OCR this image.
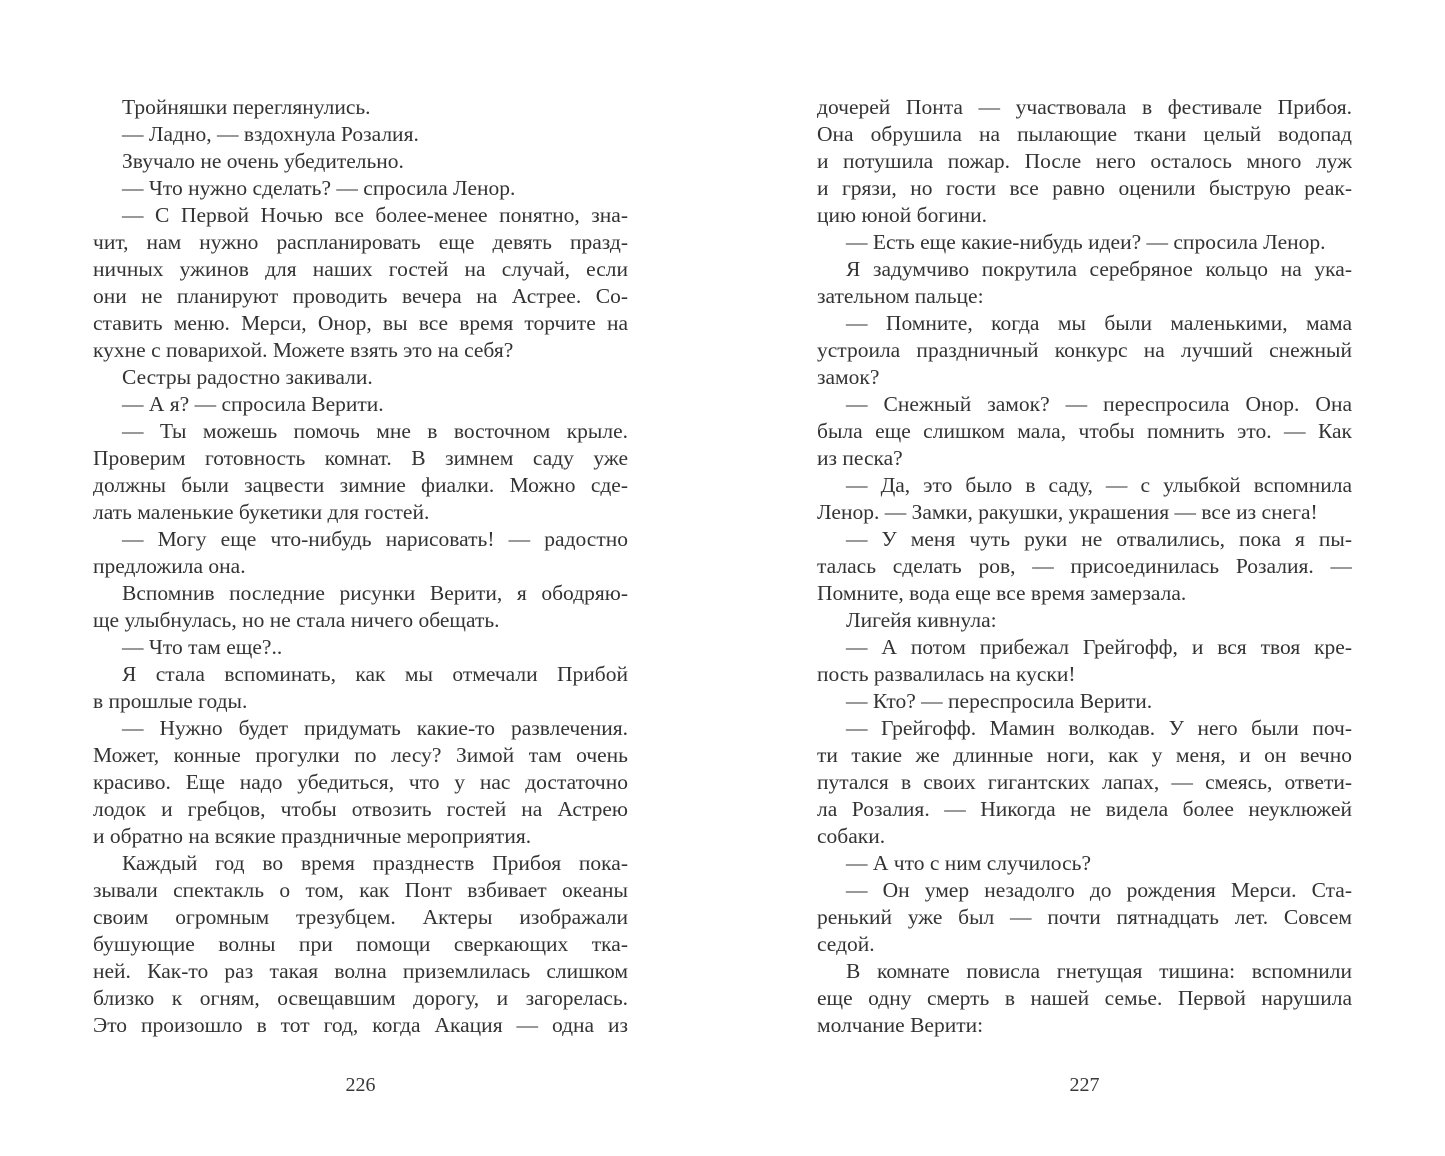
Тройняшки переглянулись.
— Ладно, — вздохнула Розалия.
Звучало не очень убедительно.
— Что нужно сделать? — спросила Ленор.
— С Первой Ночью все более-менее понятно, зна-
чит, нам нужно распланировать еще девять празд-
ничных ужинов для наших гостей на случай, если
они не планируют проводить вечера на Астрее. Со-
ставить меню. Мерси, Онор, вы все время торчите на
кухне с поварихой. Можете взять это на себя?
Сестры радостно закивали.
— А я? — спросила Верити.
— Ты можешь помочь мне в восточном крыле.
Проверим готовность комнат. В зимнем саду уже
должны были зацвести зимние фиалки. Можно сде-
лать маленькие букетики для гостей.
— Могу еще что-нибудь нарисовать! — радостно
предложила она.
Вспомнив последние рисунки Верити, я ободряю-
ще улыбнулась, но не стала ничего обещать.
— Что там еще?..
Я стала вспоминать, как мы отмечали Прибой
в прошлые годы.
— Нужно будет придумать какие-то развлечения.
Может, конные прогулки по лесу? Зимой там очень
красиво. Еще надо убедиться, что у нас достаточно
лодок и гребцов, чтобы отвозить гостей на Астрею
и обратно на всякие праздничные мероприятия.
Каждый год во время празднеств Прибоя пока-
зывали спектакль о том, как Понт взбивает океаны
своим огромным трезубцем. Актеры изображали
бушующие волны при помощи сверкающих тка-
ней. Как-то раз такая волна приземлилась слишком
близко к огням, освещавшим дорогу, и загорелась.
Это произошло в тот год, когда Акация — одна из
226
дочерей Понта — участвовала в фестивале Прибоя.
Она обрушила на пылающие ткани целый водопад
и потушила пожар. После него осталось много луж
и грязи, но гости все равно оценили быструю реак-
цию юной богини.
— Есть еще какие-нибудь идеи? — спросила Ленор.
Я задумчиво покрутила серебряное кольцо на ука-
зательном пальце:
— Помните, когда мы были маленькими, мама
устроила праздничный конкурс на лучший снежный
замок?
— Снежный замок? — переспросила Онор. Она
была еще слишком мала, чтобы помнить это. — Как
из песка?
— Да, это было в саду, — с улыбкой вспомнила
Ленор. — Замки, ракушки, украшения — все из снега!
— У меня чуть руки не отвалились, пока я пы-
талась сделать ров, — присоединилась Розалия. —
Помните, вода еще все время замерзала.
Лигейя кивнула:
— А потом прибежал Грейгофф, и вся твоя кре-
пость развалилась на куски!
— Кто? — переспросила Верити.
— Грейгофф. Мамин волкодав. У него были поч-
ти такие же длинные ноги, как у меня, и он вечно
путался в своих гигантских лапах, — смеясь, ответи-
ла Розалия. — Никогда не видела более неуклюжей
собаки.
— А что с ним случилось?
— Он умер незадолго до рождения Мерси. Ста-
ренький уже был — почти пятнадцать лет. Совсем
седой.
В комнате повисла гнетущая тишина: вспомнили
еще одну смерть в нашей семье. Первой нарушила
молчание Верити:
227
